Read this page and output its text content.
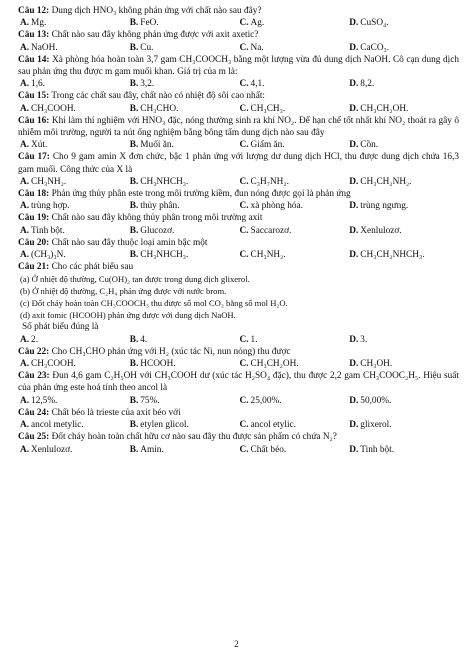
Câu 12: Dung dịch HNO₃ không phản ứng với chất nào sau đây?
A. Mg.	B. FeO.	C. Ag.	D. CuSO₄.
Câu 13: Chất nào sau đây không phản ứng được với axit axetic?
A. NaOH.	B. Cu.	C. Na.	D. CaCO₃.
Câu 14: Xà phòng hóa hoàn toàn 3,7 gam CH₃COOCH₃ bằng một lượng vừa đủ dung dịch NaOH. Cô cạn dung dịch sau phản ứng thu được m gam muối khan. Giá trị của m là:
A. 1,6.	B. 3,2.	C. 4,1.	D. 8,2.
Câu 15: Trong các chất sau đây, chất nào có nhiệt độ sôi cao nhất:
A. CH₃COOH.	B. CH₃CHO.	C. CH₃CH₃.	D. CH₃CH₂OH.
Câu 16: Khi làm thí nghiệm với HNO₃ đặc, nóng thường sinh ra khí NO₂. Để hạn chế tốt nhất khí NO₂ thoát ra gây ô nhiễm môi trường, người ta nút ống nghiệm bằng bông tẩm dung dịch nào sau đây
A. Xút.	B. Muối ăn.	C. Giấm ăn.	D. Cồn.
Câu 17: Cho 9 gam amin X đơn chức, bậc 1 phản ứng với lượng dư dung dịch HCl, thu được dung dịch chứa 16,3 gam muối. Công thức của X là
A. CH₃NH₂.	B. CH₃NHCH₃.	C. C₃H₇NH₂.	D. CH₃CH₂NH₂.
Câu 18: Phản ứng thủy phân este trong môi trường kiềm, đun nóng được gọi là phản ứng
A. trùng hợp.	B. thủy phân.	C. xà phòng hóa.	D. trùng ngưng.
Câu 19: Chất nào sau đây không thủy phân trong môi trường axit
A. Tinh bột.	B. Glucozơ.	C. Saccarozơ.	D. Xenlulozơ.
Câu 20: Chất nào sau đây thuộc loại amin bậc một
A. (CH₃)₃N.	B. CH₃NHCH₃.	C. CH₃NH₂.	D. CH₃CH₂NHCH₃.
Câu 21: Cho các phát biểu sau
(a) Ở nhiệt độ thường, Cu(OH)₂ tan được trong dung dịch glixerol.
(b) Ở nhiệt độ thường, C₂H₄ phản ứng được với nước brom.
(c) Đốt cháy hoàn toàn CH₃COOCH₃ thu được số mol CO₂ bằng số mol H₂O.
(d) axit fomic (HCOOH) phản ứng được với dung dịch NaOH.
Số phát biểu đúng là
A. 2.	B. 4.	C. 1.	D. 3.
Câu 22: Cho CH₃CHO phản ứng với H₂ (xúc tác Ni, nun nóng) thu được
A. CH₃COOH.	B. HCOOH.	C. CH₃CH₂OH.	D. CH₃OH.
Câu 23: Đun 4,6 gam C₂H₅OH với CH₃COOH dư (xúc tác H₂SO₄ đặc), thu được 2,2 gam CH₃COOC₂H₅. Hiệu suất của phản ứng este hoá tính theo ancol là
A. 12,5%.	B. 75%.	C. 25,00%.	D. 50,00%.
Câu 24: Chất béo là trieste của axit béo với
A. ancol metylic.	B. etylen glicol.	C. ancol etylic.	D. glixerol.
Câu 25: Đốt cháy hoàn toàn chất hữu cơ nào sau đây thu được sản phẩm có chứa N₂?
A. Xenlulozơ.	B. Amin.	C. Chất béo.	D. Tinh bột.
2
